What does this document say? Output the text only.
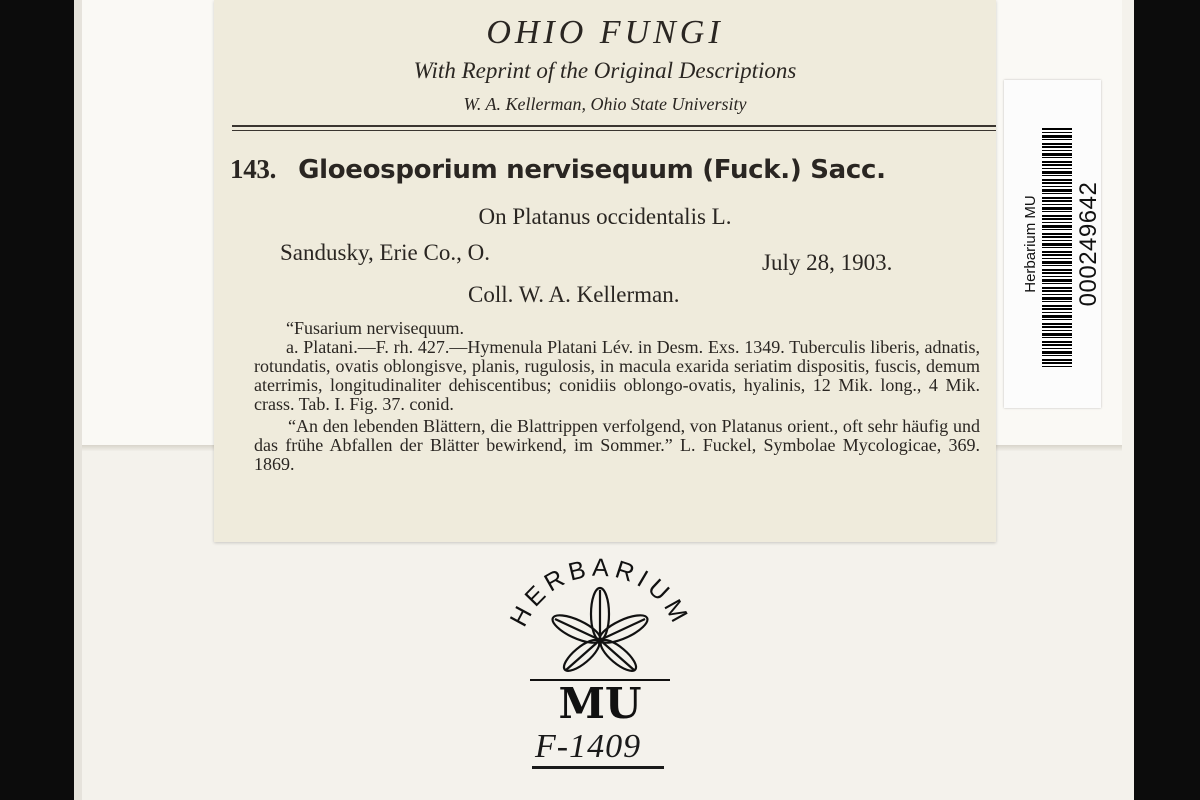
OHIO FUNGI
With Reprint of the Original Descriptions
W. A. Kellerman, Ohio State University
143. Gloeosporium nervisequum (Fuck.) Sacc.
On Platanus occidentalis L.
Sandusky, Erie Co., O.	July 28, 1903.
Coll. W. A. Kellerman.

“Fusarium nervisequum.

a. Platani.—F. rh. 427.—Hymenula Platani Lév. in Desm. Exs. 1349. Tuberculis liberis, adnatis, rotundatis, ovatis oblongisve, planis, rugulosis, in macula exarida seriatim dispositis, fuscis, demum aterrimis, longitudinaliter dehiscentibus; conidiis oblongo-ovatis, hyalinis, 12 Mik. long., 4 Mik. crass. Tab. I. Fig. 37. conid.

“An den lebenden Blättern, die Blattrippen verfolgend, von Platanus orient., oft sehr häufig und das frühe Abfallen der Blätter bewirkend, im Sommer.” L. Fuckel, Symbolae Mycologicae, 369. 1869.

Herbarium MU 000249642
HERBARIUM
MU
F-1409
